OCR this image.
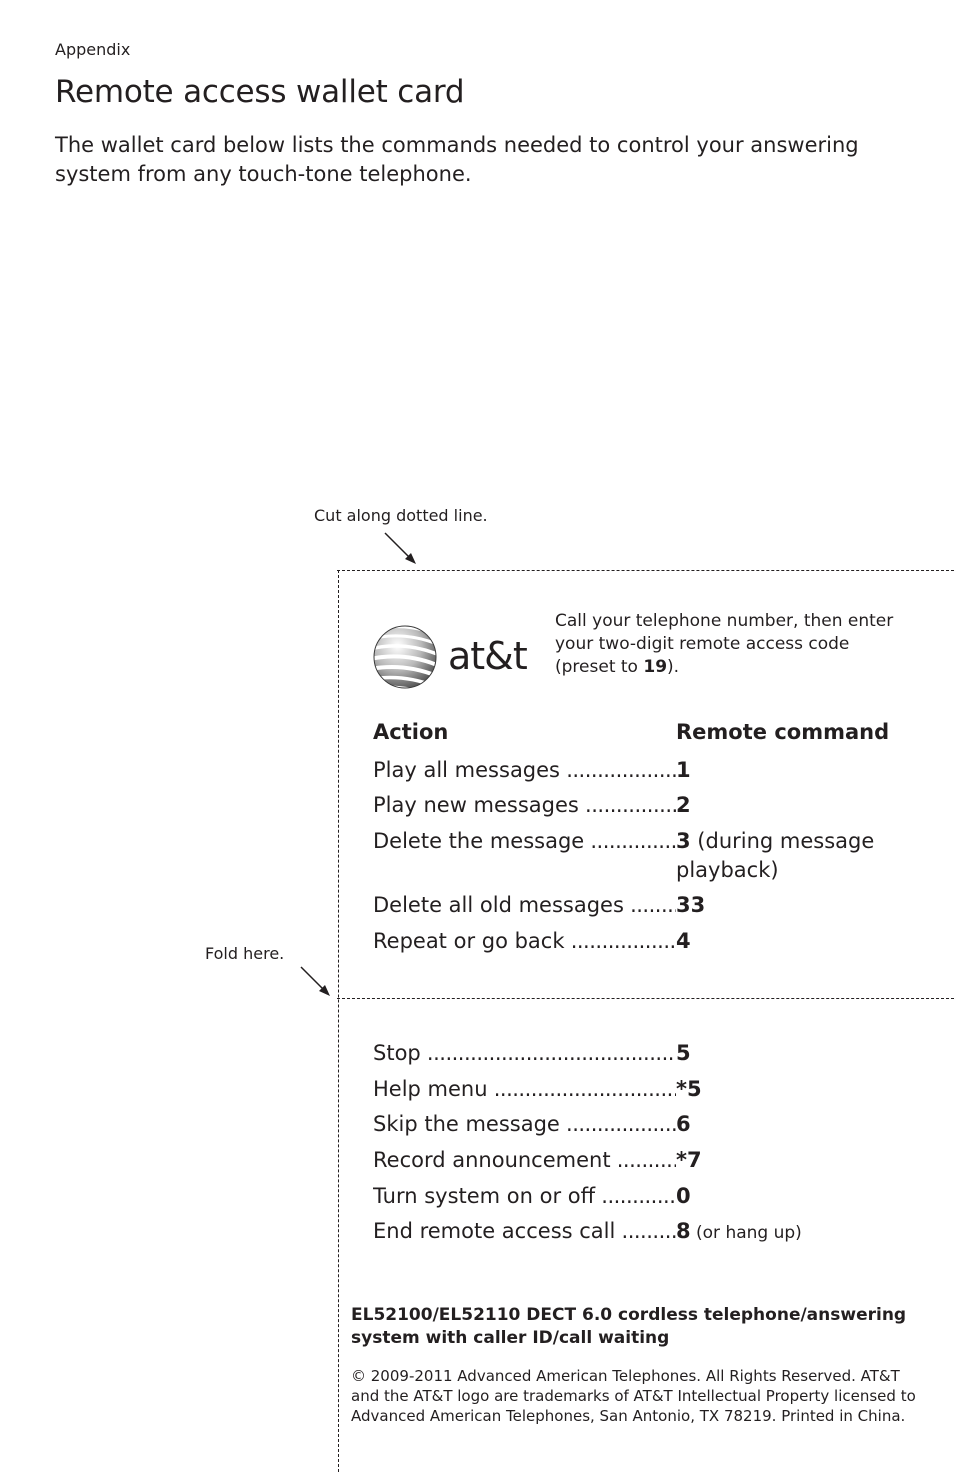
Appendix
Remote access wallet card

The wallet card below lists the commands needed to control your answering system from any touch-tone telephone.

Cut along dotted line.
Fold here.
at&t

Call your telephone number, then enter your two-digit remote access code (preset to 19).

Action	Remote command
Play all messages .....	1
Play new messages .....	2
Delete the message .....	3 (during message playback)
Delete all old messages ..... 33
Repeat or go back .....	4
Stop .....	5
Help menu .....	*5
Skip the message .....	6
Record announcement .....	*7
Turn system on or off .....	0
End remote access call .....	8 (or hang up)

EL52100/EL52110 DECT 6.0 cordless telephone/answering system with caller ID/call waiting

© 2009-2011 Advanced American Telephones. All Rights Reserved. AT&T and the AT&T logo are trademarks of AT&T Intellectual Property licensed to Advanced American Telephones, San Antonio, TX 78219. Printed in China.
